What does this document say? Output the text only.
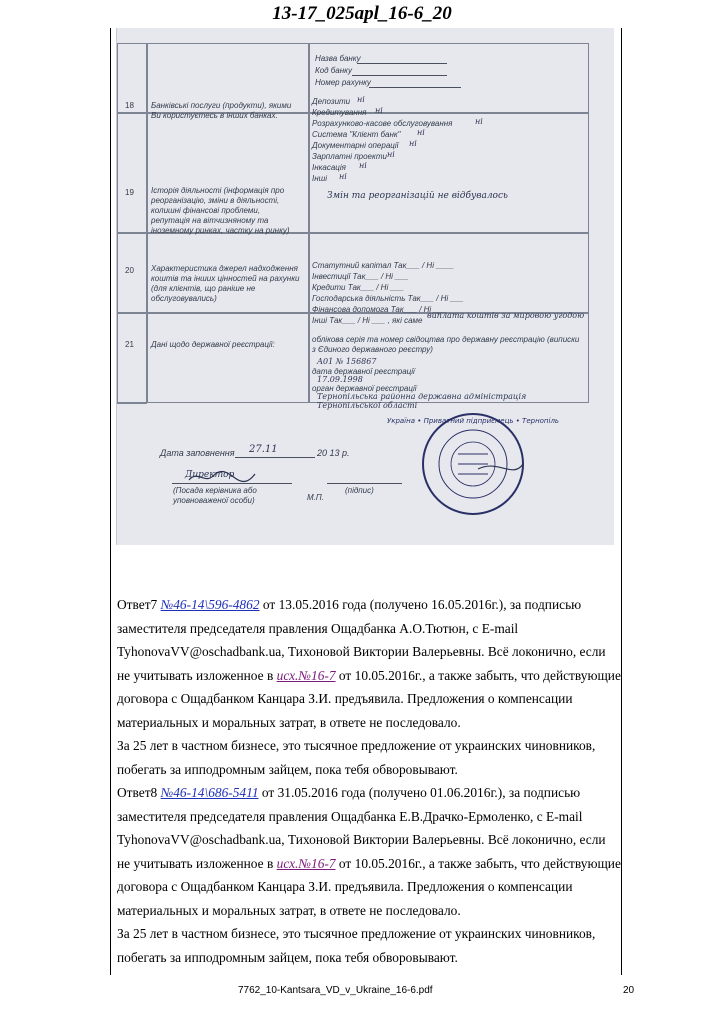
13-17_025apl_16-6_20
Назва банку
Код банку
Номер рахунку
18 Банківські послуги (продукти), якими Ви користуєтесь в інших банках.
Депозити ні
Кредитування ні
Розрахунково-касове обслуговування	ні
Система "Клієнт банк" ні
Документарні операції ні
Зарплатні проекти ні
Інкасація ні
Інші ні
19 Історія діяльності (інформація про реорганізацію, зміни в діяльності, колишні фінансові проблеми, репутація на вітчизняному та іноземному ринках, частку на ринку)
Змін та реорганізацій не відбувалось
20 Характеристика джерел надходження коштів та інших цінностей на рахунки (для клієнтів, що раніше не обслуговувались)
Статутний капітал Так___ / Ні ____
Інвестиції Так___ / Ні ___
Кредити Так___ / Ні ___
Господарська діяльність Так___ / Ні ___
Фінансова допомога Так___ / Ні ___
Інші Так___ / Ні ___ , які саме
виплата коштів за мировою угодою
21 Дані щодо державної реєстрації:
облікова серія та номер свідоцтва про державну реєстрацію (виписки з Єдиного державного реєстру)
А01 № 156867
дата державної реєстрації
17.09.1998
орган державної реєстрації
Тернопільська районна державна адміністрація Тернопільської області
Дата заповнення 27.11	20 13 р.
Директор
(Посада керівника або уповноваженої особи)	М.П.
(підпис)
Україна • Приватний підприємець • Тернопіль

Ответ7 №46-14\596-4862 от 13.05.2016 года (получено 16.05.2016г.), за подписью заместителя председателя правления Ощадбанка А.О.Тютюн, с E-mail TyhonovaVV@oschadbank.ua, Тихоновой Виктории Валерьевны. Всё локонично, если не учитывать изложенное в исх.№16-7 от 10.05.2016г., а также забыть, что действующие договора с Ощадбанком Канцара З.И. предъявила. Предложения о компенсации материальных и моральных затрат, в ответе не последовало.

За 25 лет в частном бизнесе, это тысячное предложение от украинских чиновников, побегать за ипподромным зайцем, пока тебя обворовывают.

Ответ8 №46-14\686-5411 от 31.05.2016 года (получено 01.06.2016г.), за подписью заместителя председателя правления Ощадбанка Е.В.Драчко-Ермоленко, с E-mail TyhonovaVV@oschadbank.ua, Тихоновой Виктории Валерьевны. Всё локонично, если не учитывать изложенное в исх.№16-7 от 10.05.2016г., а также забыть, что действующие договора с Ощадбанком Канцара З.И. предъявила. Предложения о компенсации материальных и моральных затрат, в ответе не последовало.

За 25 лет в частном бизнесе, это тысячное предложение от украинских чиновников, побегать за ипподромным зайцем, пока тебя обворовывают.

7762_10-Kantsara_VD_v_Ukraine_16-6.pdf	20
